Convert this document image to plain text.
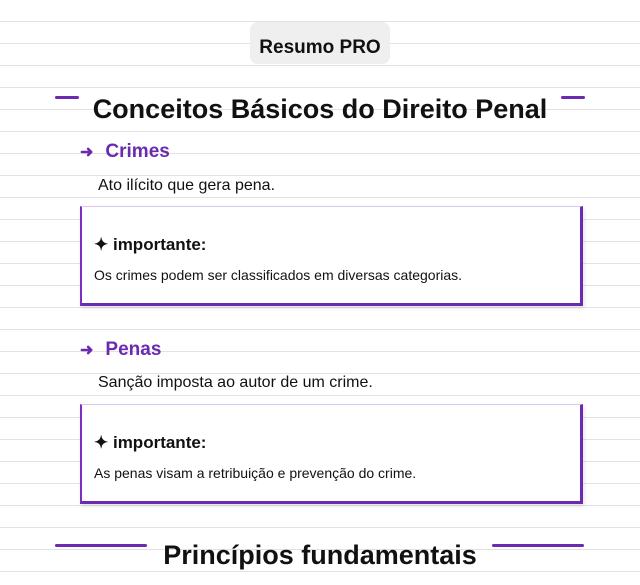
Resumo PRO
Conceitos Básicos do Direito Penal
➜ Crimes
Ato ilícito que gera pena.
✦ importante:
Os crimes podem ser classificados em diversas categorias.
➜ Penas
Sanção imposta ao autor de um crime.
✦ importante:
As penas visam a retribuição e prevenção do crime.
Princípios fundamentais
